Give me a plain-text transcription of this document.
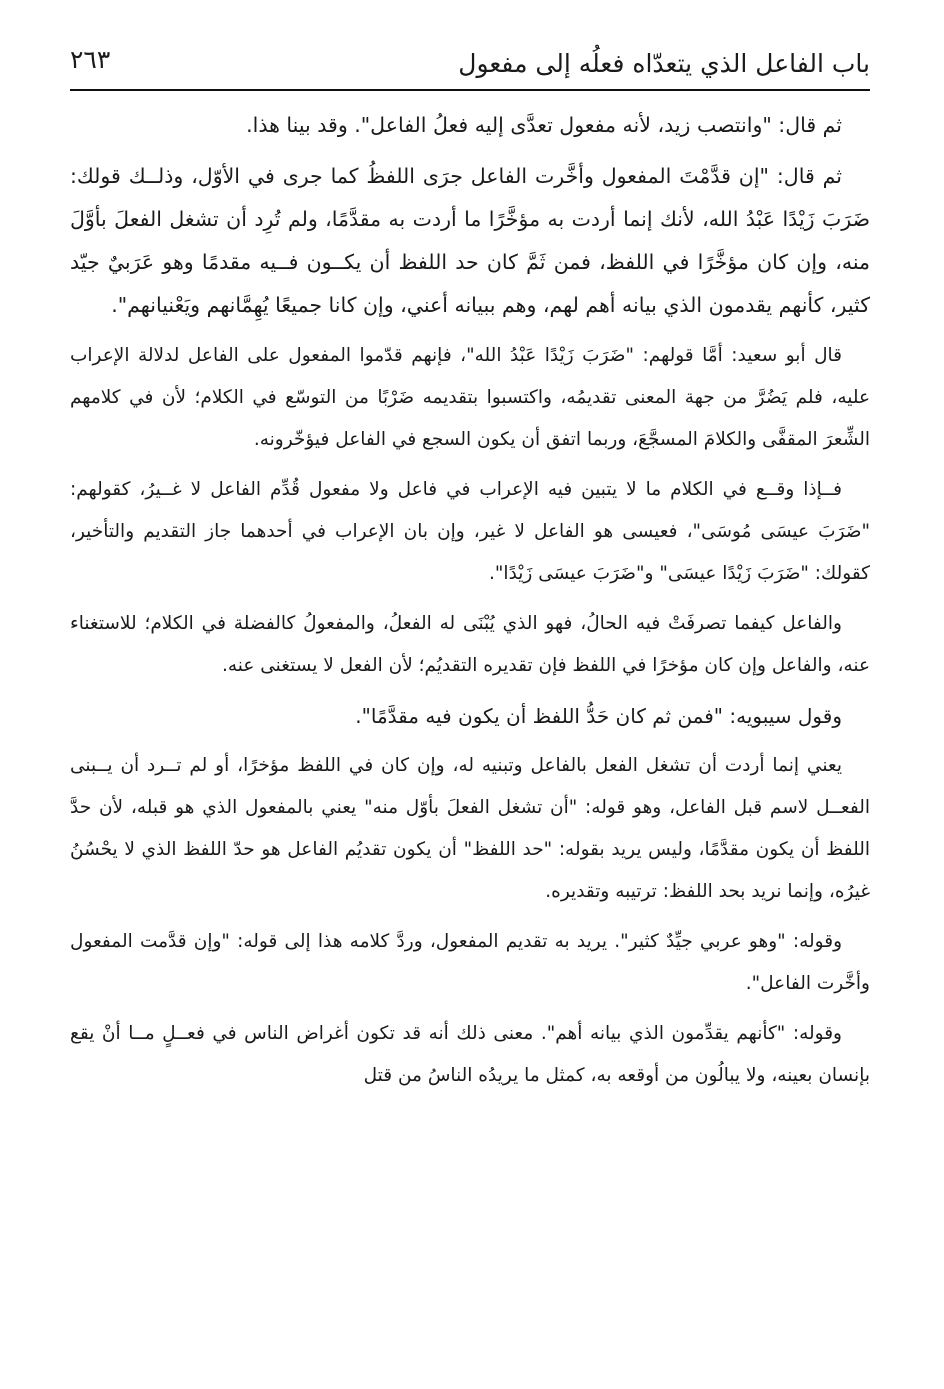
باب الفاعل الذي يتعدّاه فعلُه إلى مفعول
٢٦٣

ثم قال: "وانتصب زيد، لأنه مفعول تعدَّى إليه فعلُ الفاعل". وقد بينا هذا.

ثم قال: "إن قدَّمْتَ المفعول وأخَّرت الفاعل جرَى اللفظُ كما جرى في الأوّل، وذلــك قولك: ضَرَبَ زَيْدًا عَبْدُ الله، لأنك إنما أردت به مؤخَّرًا ما أردت به مقدَّمًا، ولم تُرِد أن تشغل الفعلَ بأوَّلَ منه، وإن كان مؤخَّرًا في اللفظ، فمن ثَمَّ كان حد اللفظ أن يكــون فــيه مقدمًا وهو عَرَبيٌ جيّد كثير، كأنهم يقدمون الذي بيانه أهم لهم، وهم ببيانه أعني، وإن كانا جميعًا يُهِمَّانهم ويَعْنيانهم".

قال أبو سعيد: أمَّا قولهم: "ضَرَبَ زَيْدًا عَبْدُ الله"، فإنهم قدّموا المفعول على الفاعل لدلالة الإعراب عليه، فلم يَضُرَّ من جهة المعنى تقديمُه، واكتسبوا بتقديمه ضَرْبًا من التوسّع في الكلام؛ لأن في كلامهم الشِّعرَ المقفَّى والكلامَ المسجَّعَ، وربما اتفق أن يكون السجع في الفاعل فيؤخّرونه.

فــإذا وقــع في الكلام ما لا يتبين فيه الإعراب في فاعل ولا مفعول قُدِّم الفاعل لا غــيرُ، كقولهم: "ضَرَبَ عيسَى مُوسَى"، فعيسى هو الفاعل لا غير، وإن بان الإعراب في أحدهما جاز التقديم والتأخير، كقولك: "ضَرَبَ زَيْدًا عيسَى" و"ضَرَبَ عيسَى زَيْدًا".

والفاعل كيفما تصرفَتْ فيه الحالُ، فهو الذي يُبْنَى له الفعلُ، والمفعولُ كالفضلة في الكلام؛ للاستغناء عنه، والفاعل وإن كان مؤخرًا في اللفظ فإن تقديره التقديُم؛ لأن الفعل لا يستغنى عنه.

وقول سيبويه: "فمن ثم كان حَدُّ اللفظ أن يكون فيه مقدَّمًا".

يعني إنما أردت أن تشغل الفعل بالفاعل وتبنيه له، وإن كان في اللفظ مؤخرًا، أو لم تــرد أن يــبنى الفعــل لاسم قبل الفاعل، وهو قوله: "أن تشغل الفعلَ بأوّل منه" يعني بالمفعول الذي هو قبله، لأن حدَّ اللفظ أن يكون مقدَّمًا، وليس يريد بقوله: "حد اللفظ" أن يكون تقديُم الفاعل هو حدّ اللفظ الذي لا يحْسُنُ غيرُه، وإنما نريد بحد اللفظ: ترتيبه وتقديره.

وقوله: "وهو عربي جيِّدٌ كثير". يريد به تقديم المفعول، وردَّ كلامه هذا إلى قوله: "وإن قدَّمت المفعول وأخَّرت الفاعل".

وقوله: "كأنهم يقدِّمون الذي بيانه أهم". معنى ذلك أنه قد تكون أغراض الناس في فعــلٍ مــا أنْ يقع بإنسان بعينه، ولا يبالُون من أوقعه به، كمثل ما يريدُه الناسُ من قتل
